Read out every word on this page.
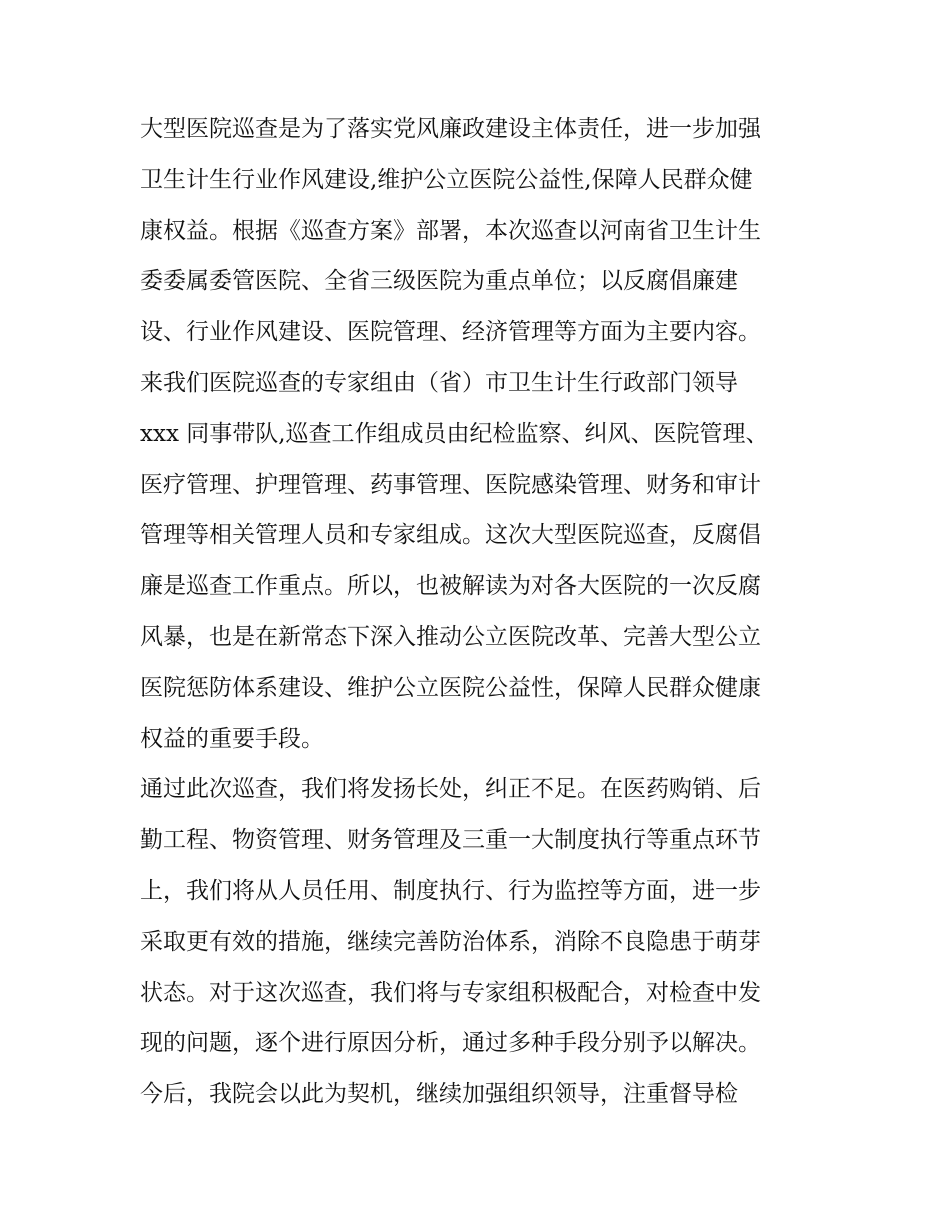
大型医院巡查是为了落实党风廉政建设主体责任，进一步加强
卫生计生行业作风建设,维护公立医院公益性,保障人民群众健
康权益。根据《巡查方案》部署，本次巡查以河南省卫生计生
委委属委管医院、全省三级医院为重点单位；以反腐倡廉建
设、行业作风建设、医院管理、经济管理等方面为主要内容。
来我们医院巡查的专家组由（省）市卫生计生行政部门领导
xxx 同事带队,巡查工作组成员由纪检监察、纠风、医院管理、
医疗管理、护理管理、药事管理、医院感染管理、财务和审计
管理等相关管理人员和专家组成。这次大型医院巡查，反腐倡
廉是巡查工作重点。所以，也被解读为对各大医院的一次反腐
风暴，也是在新常态下深入推动公立医院改革、完善大型公立
医院惩防体系建设、维护公立医院公益性，保障人民群众健康
权益的重要手段。
通过此次巡查，我们将发扬长处，纠正不足。在医药购销、后
勤工程、物资管理、财务管理及三重一大制度执行等重点环节
上，我们将从人员任用、制度执行、行为监控等方面，进一步
采取更有效的措施，继续完善防治体系，消除不良隐患于萌芽
状态。对于这次巡查，我们将与专家组积极配合，对检查中发
现的问题，逐个进行原因分析，通过多种手段分别予以解决。
今后，我院会以此为契机，继续加强组织领导，注重督导检
